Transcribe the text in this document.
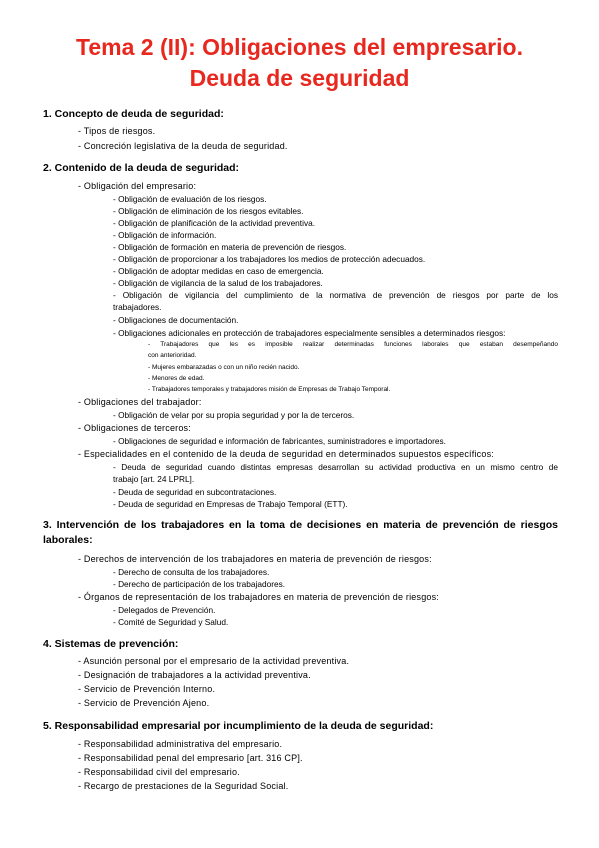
Tema 2 (II): Obligaciones del empresario.
Deuda de seguridad
1. Concepto de deuda de seguridad:
- Tipos de riesgos.
- Concreción legislativa de la deuda de seguridad.
2. Contenido de la deuda de seguridad:
- Obligación del empresario:
- Obligación de evaluación de los riesgos.
- Obligación de eliminación de los riesgos evitables.
- Obligación de planificación de la actividad preventiva.
- Obligación de información.
- Obligación de formación en materia de prevención de riesgos.
- Obligación de proporcionar a los trabajadores los medios de protección adecuados.
- Obligación de adoptar medidas en caso de emergencia.
- Obligación de vigilancia de la salud de los trabajadores.
- Obligación de vigilancia del cumplimiento de la normativa de prevención de riesgos por parte de los
trabajadores.
- Obligaciones de documentación.
- Obligaciones adicionales en protección de trabajadores especialmente sensibles a determinados riesgos:
- Trabajadores que les es imposible realizar determinadas funciones laborales que estaban desempeñando
con anterioridad.
- Mujeres embarazadas o con un niño recién nacido.
- Menores de edad.
- Trabajadores temporales y trabajadores misión de Empresas de Trabajo Temporal.
- Obligaciones del trabajador:
- Obligación de velar por su propia seguridad y por la de terceros.
- Obligaciones de terceros:
- Obligaciones de seguridad e información de fabricantes, suministradores e importadores.
- Especialidades en el contenido de la deuda de seguridad en determinados supuestos específicos:
- Deuda de seguridad cuando distintas empresas desarrollan su actividad productiva en un mismo centro de
trabajo [art. 24 LPRL].
- Deuda de seguridad en subcontrataciones.
- Deuda de seguridad en Empresas de Trabajo Temporal (ETT).
3. Intervención de los trabajadores en la toma de decisiones en materia de prevención de riesgos
laborales:
- Derechos de intervención de los trabajadores en materia de prevención de riesgos:
- Derecho de consulta de los trabajadores.
- Derecho de participación de los trabajadores.
- Órganos de representación de los trabajadores en materia de prevención de riesgos:
- Delegados de Prevención.
- Comité de Seguridad y Salud.
4. Sistemas de prevención:
- Asunción personal por el empresario de la actividad preventiva.
- Designación de trabajadores a la actividad preventiva.
- Servicio de Prevención Interno.
- Servicio de Prevención Ajeno.
5. Responsabilidad empresarial por incumplimiento de la deuda de seguridad:
- Responsabilidad administrativa del empresario.
- Responsabilidad penal del empresario [art. 316 CP].
- Responsabilidad civil del empresario.
- Recargo de prestaciones de la Seguridad Social.
